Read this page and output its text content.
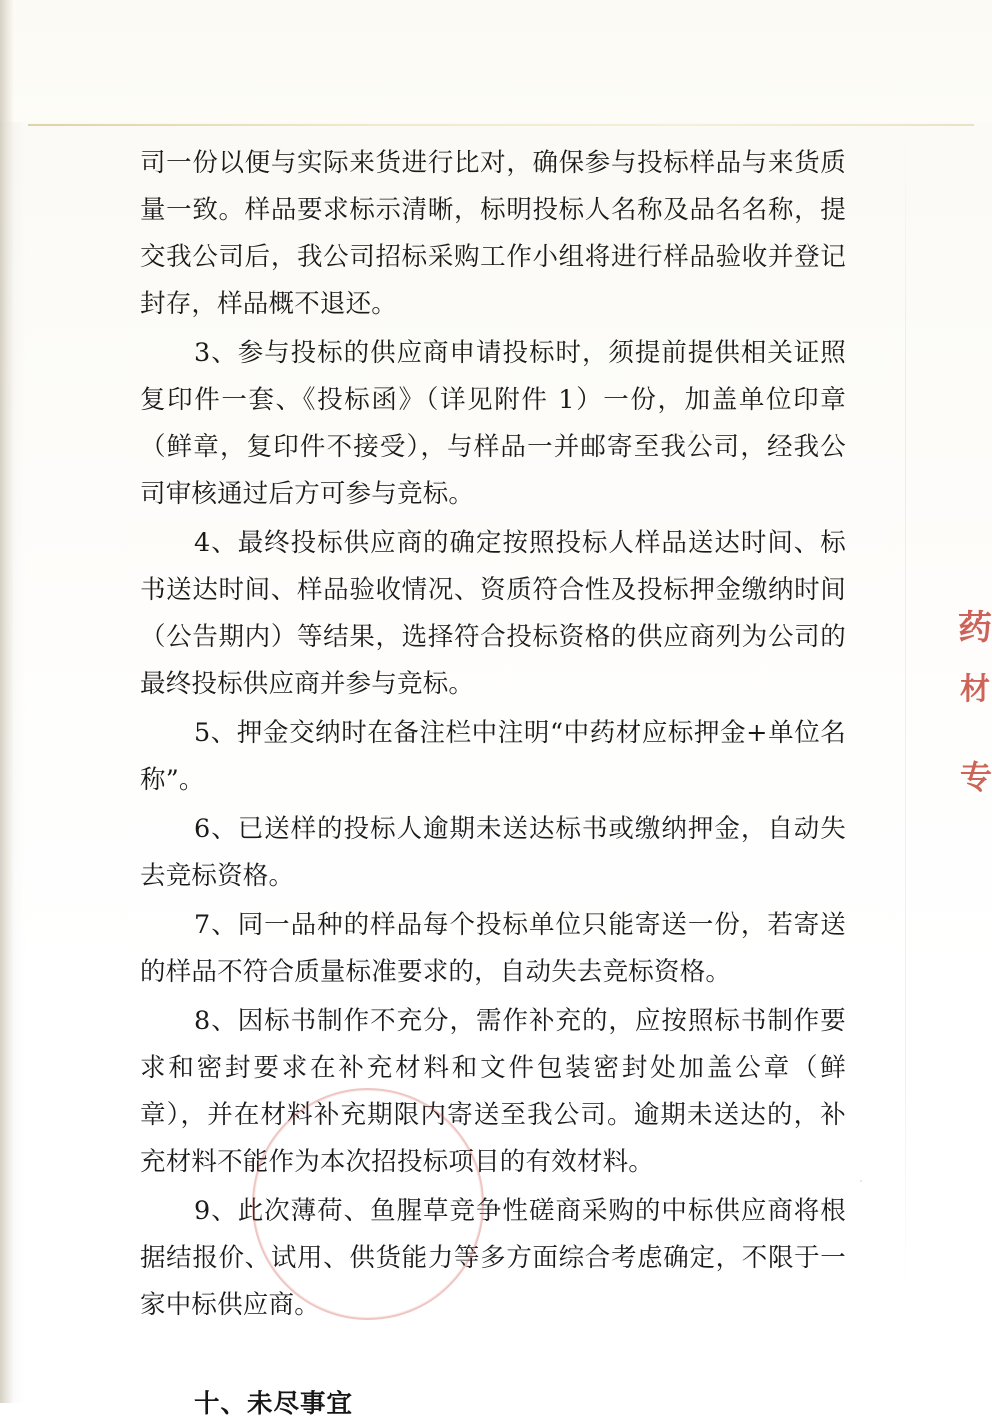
司一份以便与实际来货进行比对，确保参与投标样品与来货质量一致。样品要求标示清晰，标明投标人名称及品名名称，提交我公司后，我公司招标采购工作小组将进行样品验收并登记封存，样品概不退还。

3、参与投标的供应商申请投标时，须提前提供相关证照复印件一套、《投标函》（详见附件 1）一份，加盖单位印章（鲜章，复印件不接受），与样品一并邮寄至我公司，经我公司审核通过后方可参与竞标。

4、最终投标供应商的确定按照投标人样品送达时间、标书送达时间、样品验收情况、资质符合性及投标押金缴纳时间（公告期内）等结果，选择符合投标资格的供应商列为公司的最终投标供应商并参与竞标。

5、押金交纳时在备注栏中注明“中药材应标押金+单位名称”。

6、已送样的投标人逾期未送达标书或缴纳押金，自动失去竞标资格。

7、同一品种的样品每个投标单位只能寄送一份，若寄送的样品不符合质量标准要求的，自动失去竞标资格。

8、因标书制作不充分，需作补充的，应按照标书制作要求和密封要求在补充材料和文件包装密封处加盖公章（鲜章），并在材料补充期限内寄送至我公司。逾期未送达的，补充材料不能作为本次招投标项目的有效材料。

9、此次薄荷、鱼腥草竞争性磋商采购的中标供应商将根据结报价、试用、供货能力等多方面综合考虑确定，不限于一家中标供应商。

十、未尽事宜

药
材
专
